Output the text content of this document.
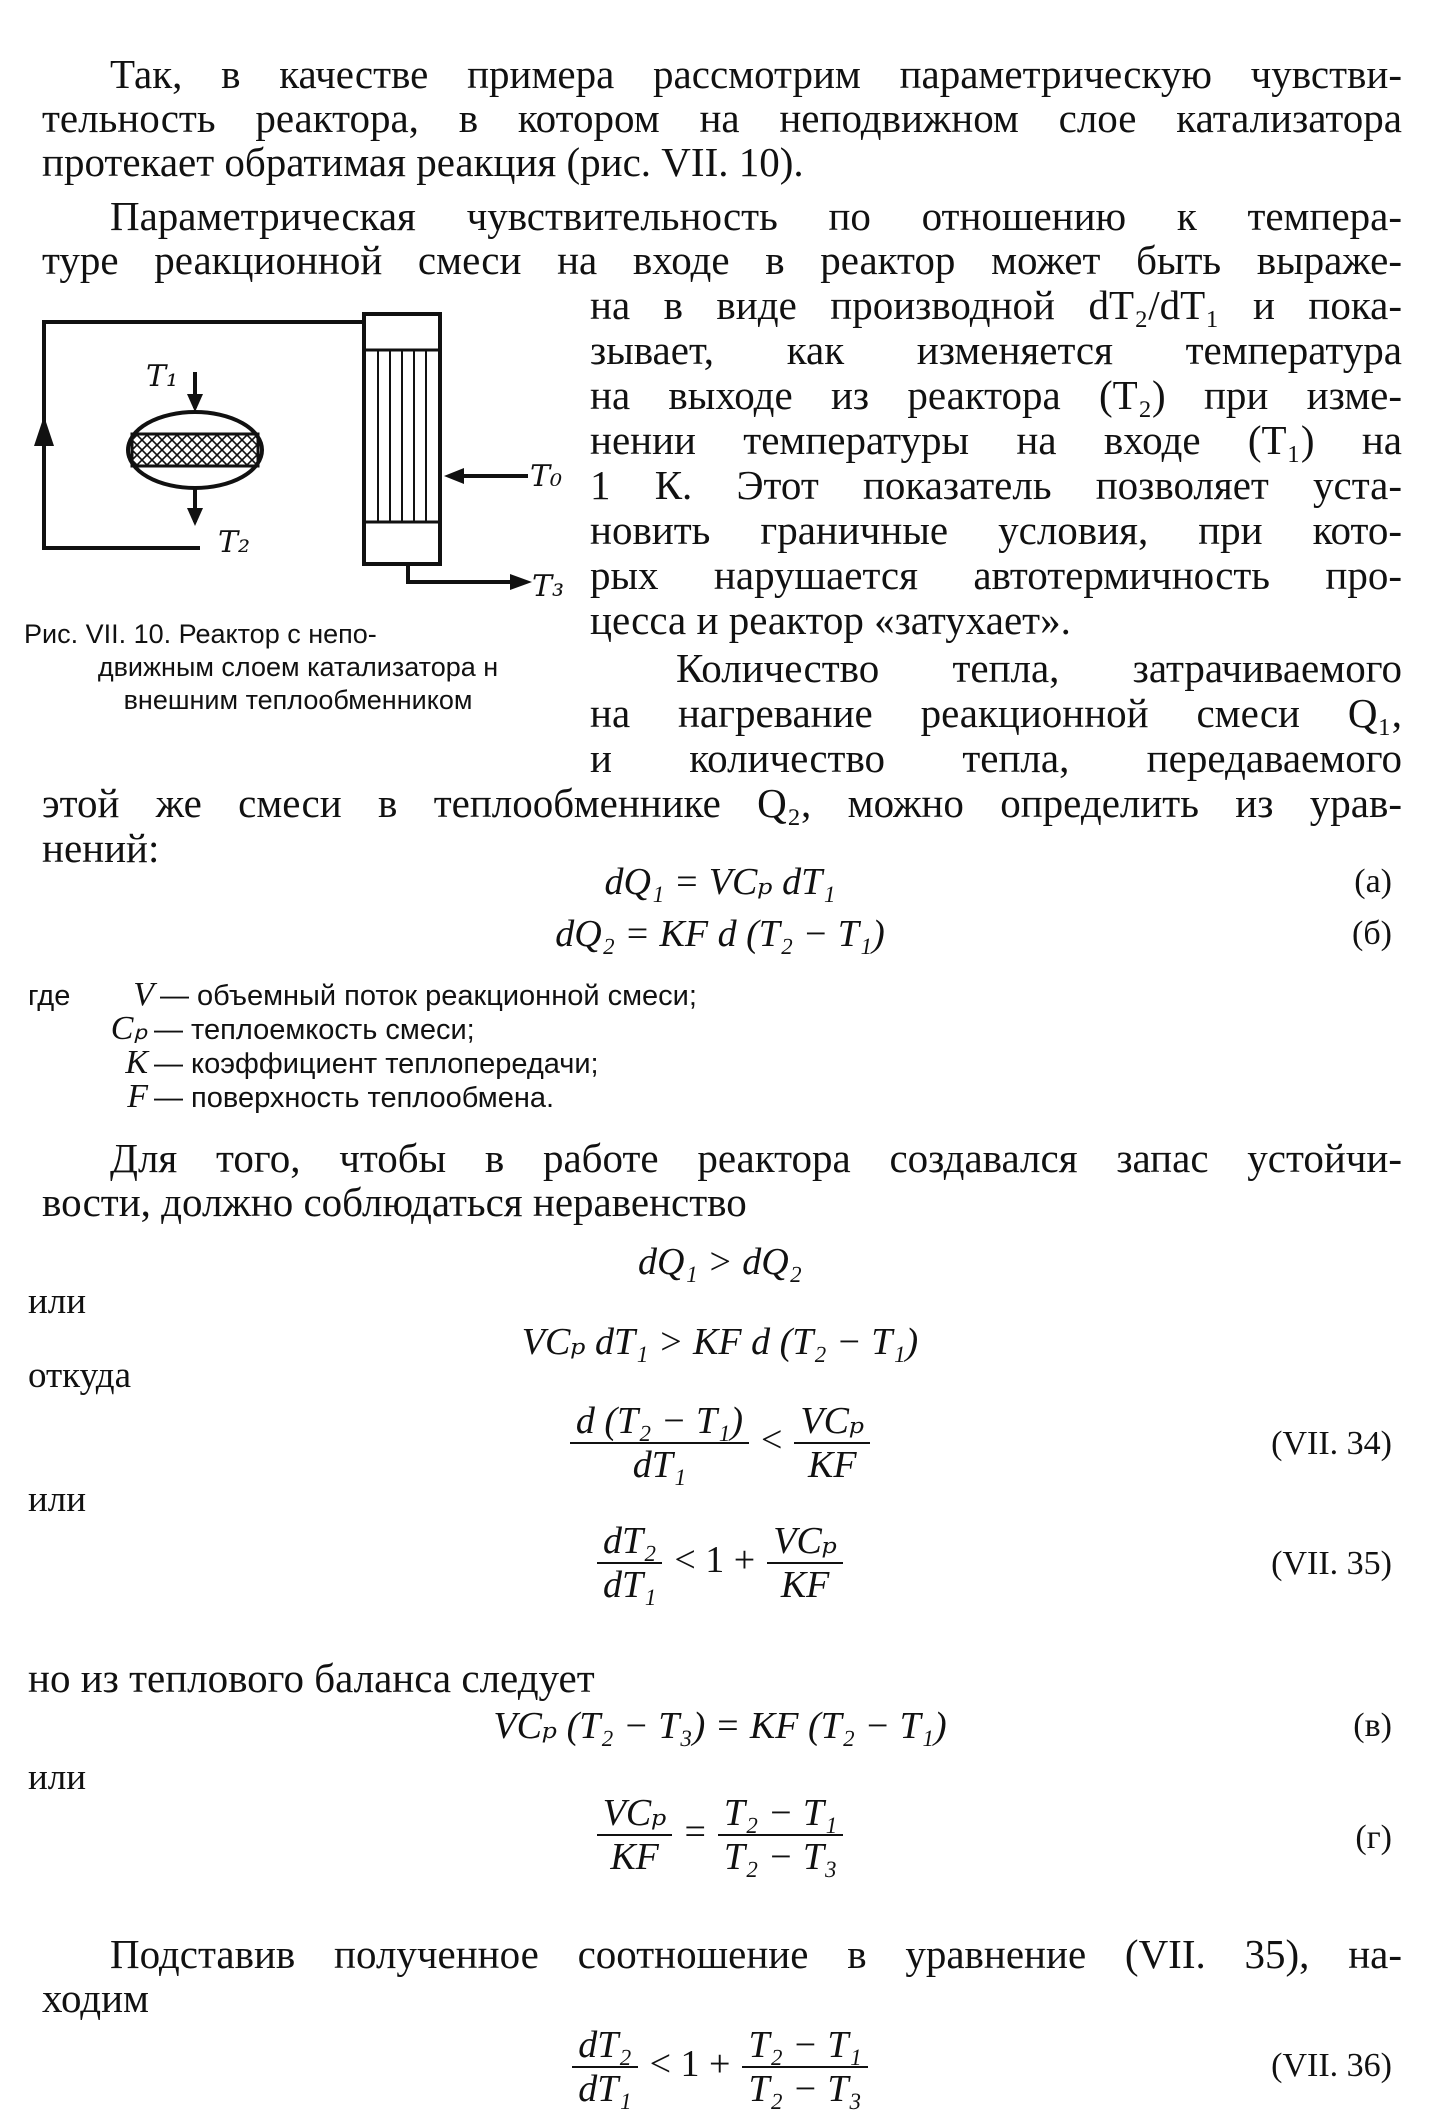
Так, в качестве примера рассмотрим параметрическую чувстви-

тельность реактора, в котором на неподвижном слое катализатора

протекает обратимая реакция (рис. VII. 10).

Параметрическая чувствительность по отношению к темпера-

туре реакционной смеси на входе в реактор может быть выраже-

T₁
T₂
T₀
T₃

Рис. VII. 10. Реактор с непо-
движным слоем катализатора н
внешним теплообменником

на в виде производной dT₂/dT₁ и пока-

зывает, как изменяется температура

на выходе из реактора (T₂) при изме-

нении температуры на входе (T₁) на

1 К. Этот показатель позволяет уста-

новить граничные условия, при кото-

рых нарушается автотермичность про-

цесса и реактор «затухает».

Количество тепла, затрачиваемого

на нагревание реакционной смеси Q₁,

и количество тепла, передаваемого

этой же смеси в теплообменнике Q₂, можно определить из урав-

нений:

dQ₁ = VCₚ dT₁	(а)
dQ₂ = KF d (T₂ − T₁)	(б)
где	V — объемный поток реакционной смеси;
Cₚ — теплоемкость смеси;
K — коэффициент теплопередачи;
F — поверхность теплообмена.

Для того, чтобы в работе реактора создавался запас устойчи-

вости, должно соблюдаться неравенство

dQ₁ > dQ₂

или

VCₚ dT₁ > KF d (T₂ − T₁)

откуда

$\frac{\text{d (T₂ − T₁)}}{\text{dT₁}} < \frac{\text{VCₚ}}{KF}$	(VII. 34)

или

$\frac{\text{dT₂}}{\text{dT₁}} < 1 + \frac{\text{VCₚ}}{KF}$	(VII. 35)

но из теплового баланса следует

VCₚ (T₂ − T₃) = KF (T₂ − T₁)	(в)

или

$\frac{\text{VCₚ}}{KF} = \frac{\text{T₂ − T₁}}{\text{T₂ − T₃}}$	(г)

Подставив полученное соотношение в уравнение (VII. 35), на-

ходим

$\frac{\text{dT₂}}{\text{dT₁}} < 1 + \frac{\text{T₂ − T₁}}{\text{T₂ − T₃}}$	(VII. 36)
